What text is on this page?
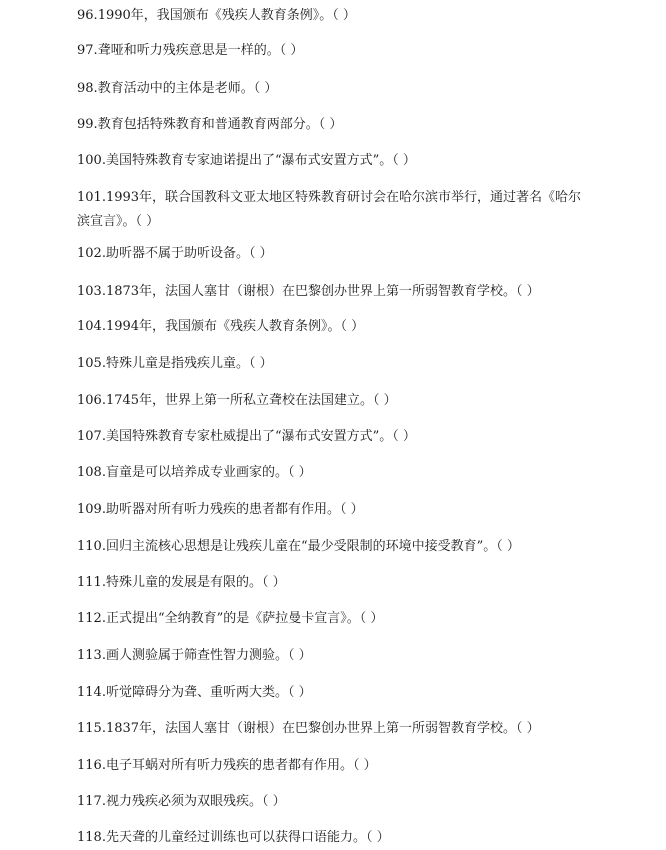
96.1990年，我国颁布《残疾人教育条例》。（ ）
97.聋哑和听力残疾意思是一样的。（ ）
98.教育活动中的主体是老师。（ ）
99.教育包括特殊教育和普通教育两部分。（ ）
100.美国特殊教育专家迪诺提出了“瀑布式安置方式”。（ ）
101.1993年，联合国教科文亚太地区特殊教育研讨会在哈尔滨市举行，通过著名《哈尔滨宣言》。（ ）
102.助听器不属于助听设备。（ ）
103.1873年，法国人塞甘（谢根）在巴黎创办世界上第一所弱智教育学校。（ ）
104.1994年，我国颁布《残疾人教育条例》。（ ）
105.特殊儿童是指残疾儿童。（ ）
106.1745年，世界上第一所私立聋校在法国建立。（ ）
107.美国特殊教育专家杜威提出了“瀑布式安置方式”。（ ）
108.盲童是可以培养成专业画家的。（ ）
109.助听器对所有听力残疾的患者都有作用。（ ）
110.回归主流核心思想是让残疾儿童在“最少受限制的环境中接受教育”。（ ）
111.特殊儿童的发展是有限的。（ ）
112.正式提出“全纳教育”的是《萨拉曼卡宣言》。（ ）
113.画人测验属于筛查性智力测验。（ ）
114.听觉障碍分为聋、重听两大类。（ ）
115.1837年，法国人塞甘（谢根）在巴黎创办世界上第一所弱智教育学校。（ ）
116.电子耳蜗对所有听力残疾的患者都有作用。（ ）
117.视力残疾必须为双眼残疾。（ ）
118.先天聋的儿童经过训练也可以获得口语能力。（ ）
